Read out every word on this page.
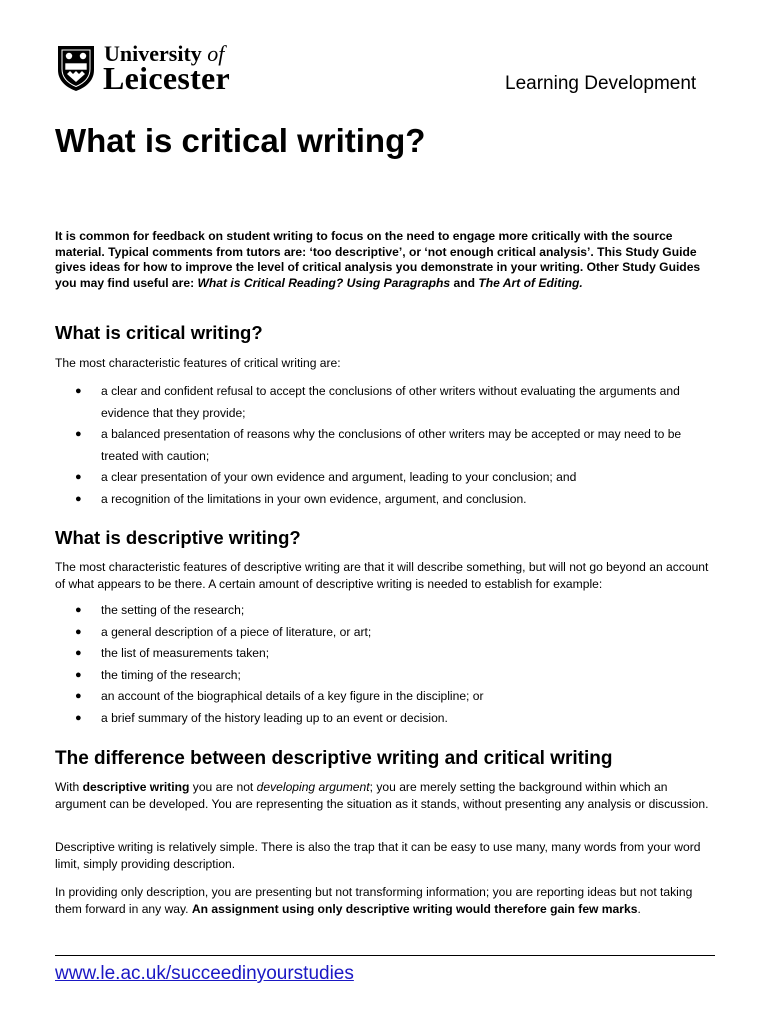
University of
Leicester	Learning Development
What is critical writing?

It is common for feedback on student writing to focus on the need to engage more critically with the source material. Typical comments from tutors are: ‘too descriptive’, or ‘not enough critical analysis’. This Study Guide gives ideas for how to improve the level of critical analysis you demonstrate in your writing. Other Study Guides you may find useful are: What is Critical Reading? Using Paragraphs and The Art of Editing.

What is critical writing?

The most characteristic features of critical writing are:

● a clear and confident refusal to accept the conclusions of other writers without evaluating the arguments and evidence that they provide;
● a balanced presentation of reasons why the conclusions of other writers may be accepted or may need to be treated with caution;
● a clear presentation of your own evidence and argument, leading to your conclusion; and
● a recognition of the limitations in your own evidence, argument, and conclusion.
What is descriptive writing?

The most characteristic features of descriptive writing are that it will describe something, but will not go beyond an account of what appears to be there. A certain amount of descriptive writing is needed to establish for example:

● the setting of the research;
● a general description of a piece of literature, or art;
● the list of measurements taken;
● the timing of the research;
● an account of the biographical details of a key figure in the discipline; or
● a brief summary of the history leading up to an event or decision.
The difference between descriptive writing and critical writing

With descriptive writing you are not developing argument; you are merely setting the background within which an argument can be developed. You are representing the situation as it stands, without presenting any analysis or discussion.

Descriptive writing is relatively simple. There is also the trap that it can be easy to use many, many words from your word limit, simply providing description.

In providing only description, you are presenting but not transforming information; you are reporting ideas but not taking them forward in any way. An assignment using only descriptive writing would therefore gain few marks.

www.le.ac.uk/succeedinyourstudies
